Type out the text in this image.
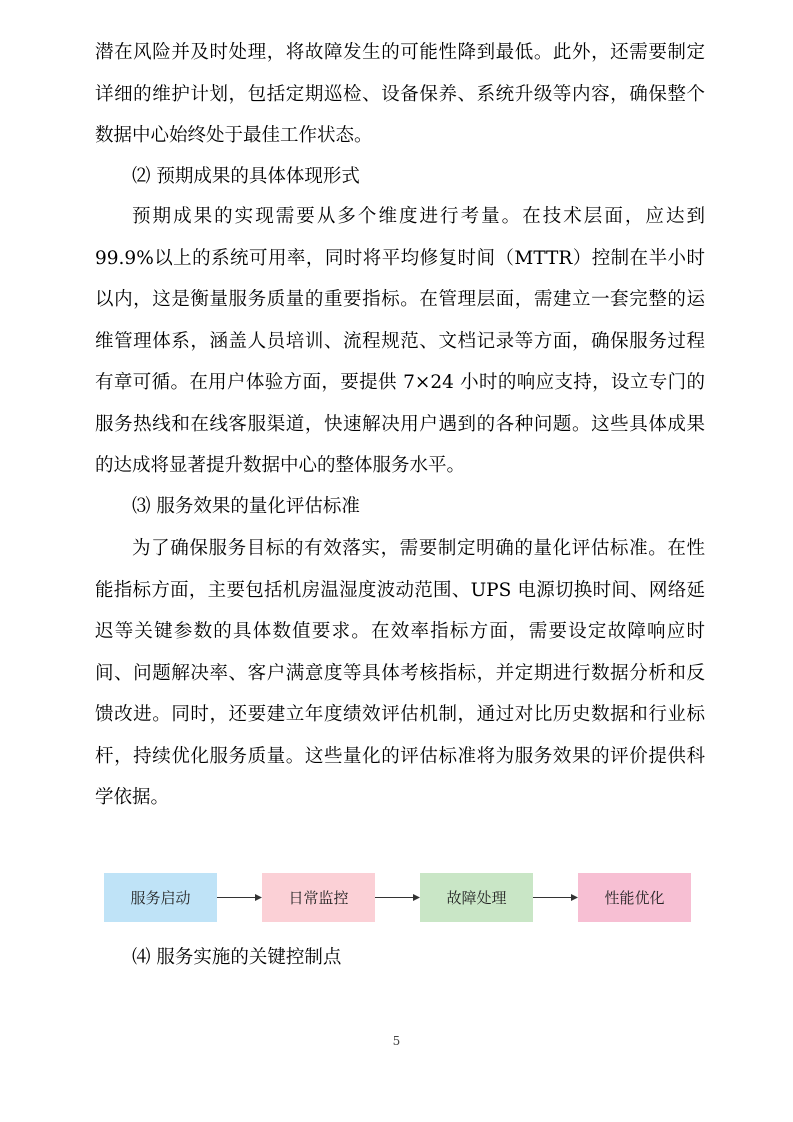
潜在风险并及时处理，将故障发生的可能性降到最低。此外，还需要制定详细的维护计划，包括定期巡检、设备保养、系统升级等内容，确保整个数据中心始终处于最佳工作状态。

⑵ 预期成果的具体体现形式

预期成果的实现需要从多个维度进行考量。在技术层面，应达到99.9%以上的系统可用率，同时将平均修复时间（MTTR）控制在半小时以内，这是衡量服务质量的重要指标。在管理层面，需建立一套完整的运维管理体系，涵盖人员培训、流程规范、文档记录等方面，确保服务过程有章可循。在用户体验方面，要提供 7×24 小时的响应支持，设立专门的服务热线和在线客服渠道，快速解决用户遇到的各种问题。这些具体成果的达成将显著提升数据中心的整体服务水平。

⑶ 服务效果的量化评估标准

为了确保服务目标的有效落实，需要制定明确的量化评估标准。在性能指标方面，主要包括机房温湿度波动范围、UPS 电源切换时间、网络延迟等关键参数的具体数值要求。在效率指标方面，需要设定故障响应时间、问题解决率、客户满意度等具体考核指标，并定期进行数据分析和反馈改进。同时，还要建立年度绩效评估机制，通过对比历史数据和行业标杆，持续优化服务质量。这些量化的评估标准将为服务效果的评价提供科学依据。

服务启动	日常监控	故障处理	性能优化

⑷ 服务实施的关键控制点

5
